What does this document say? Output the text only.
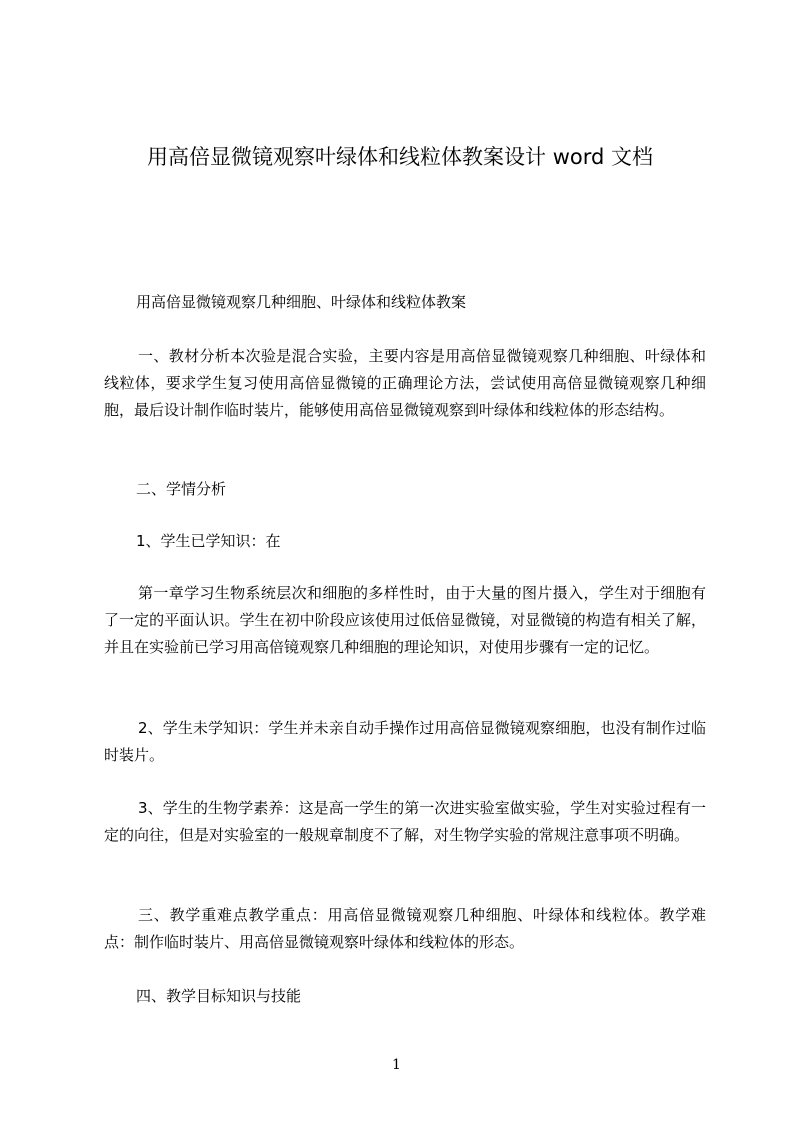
用高倍显微镜观察叶绿体和线粒体教案设计 word 文档

用高倍显微镜观察几种细胞、叶绿体和线粒体教案

一、教材分析本次验是混合实验，主要内容是用高倍显微镜观察几种细胞、叶绿体和线粒体，要求学生复习使用高倍显微镜的正确理论方法，尝试使用高倍显微镜观察几种细胞，最后设计制作临时装片，能够使用高倍显微镜观察到叶绿体和线粒体的形态结构。

二、学情分析

1、学生已学知识：在

第一章学习生物系统层次和细胞的多样性时，由于大量的图片摄入，学生对于细胞有了一定的平面认识。学生在初中阶段应该使用过低倍显微镜，对显微镜的构造有相关了解，并且在实验前已学习用高倍镜观察几种细胞的理论知识，对使用步骤有一定的记忆。

2、学生未学知识：学生并未亲自动手操作过用高倍显微镜观察细胞，也没有制作过临时装片。

3、学生的生物学素养：这是高一学生的第一次进实验室做实验，学生对实验过程有一定的向往，但是对实验室的一般规章制度不了解，对生物学实验的常规注意事项不明确。

三、教学重难点教学重点：用高倍显微镜观察几种细胞、叶绿体和线粒体。教学难点：制作临时装片、用高倍显微镜观察叶绿体和线粒体的形态。

四、教学目标知识与技能

1
